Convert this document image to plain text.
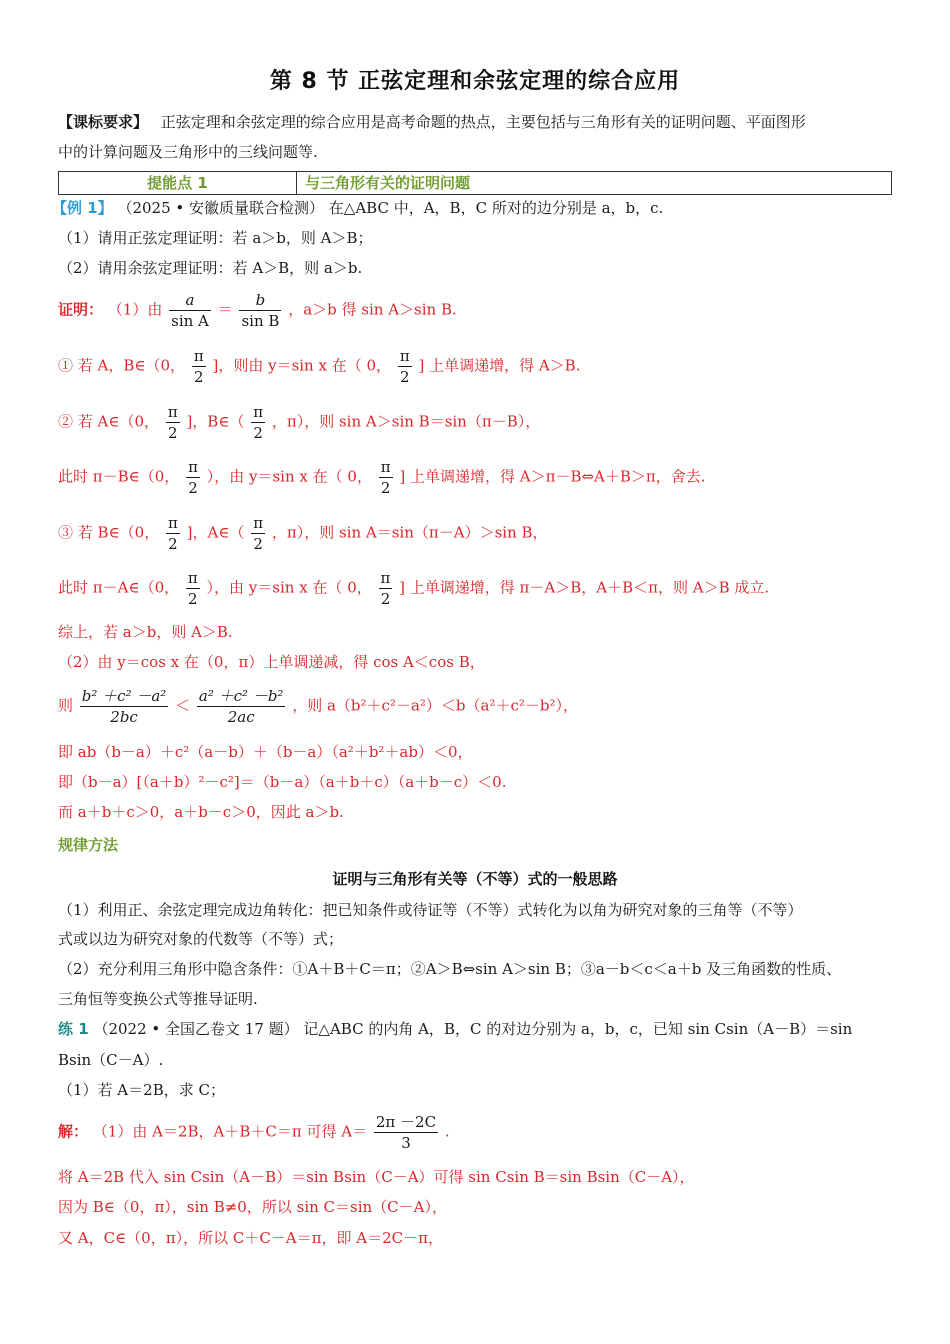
第 8 节 正弦定理和余弦定理的综合应用
【课标要求】 正弦定理和余弦定理的综合应用是高考命题的热点，主要包括与三角形有关的证明问题、平面图形
中的计算问题及三角形中的三线问题等.
提能点 1	与三角形有关的证明问题
【例 1】 （2025 • 安徽质量联合检测） 在△ABC 中，A，B，C 所对的边分别是 a，b，c.
（1）请用正弦定理证明：若 a＞b，则 A＞B；
（2）请用余弦定理证明：若 A＞B，则 a＞b.
证明： （1）由 $\frac{a}{\text{sin A}} = \frac{b}{\text{sin B}}$ ，a＞b 得 sin A＞sin B.
① 若 A，B∈（0， $\frac{\pi}{2}$ ]，则由 y＝sin x 在（ 0， $\frac{\pi}{2}$ ] 上单调递增，得 A＞B.
② 若 A∈（0， $\frac{\pi}{2}$ ]，B∈（ $\frac{\pi}{2}$ ，π），则 sin A＞sin B＝sin（π－B），
此时 π－B∈（0， $\frac{\pi}{2}$ ），由 y＝sin x 在（ 0， $\frac{\pi}{2}$ ] 上单调递增，得 A＞π－B⇔A＋B＞π，舍去.
③ 若 B∈（0， $\frac{\pi}{2}$ ]，A∈（ $\frac{\pi}{2}$ ，π），则 sin A＝sin（π－A）＞sin B，
此时 π－A∈（0， $\frac{\pi}{2}$ ），由 y＝sin x 在（ 0， $\frac{\pi}{2}$ ] 上单调递增，得 π－A＞B，A＋B＜π，则 A＞B 成立.
综上，若 a＞b，则 A＞B.
（2）由 y＝cos x 在（0，π）上单调递减，得 cos A＜cos B，
则 $\frac{\text{b² ＋c² －a²}}{2bc} < \frac{\text{a² ＋c² －b²}}{2ac}$ ，则 a（b²＋c²－a²）＜b（a²＋c²－b²），
即 ab（b－a）＋c²（a－b）＋（b－a）（a²＋b²＋ab）＜0，
即（b－a）[（a＋b）²－c²]＝（b－a）（a＋b＋c）（a＋b－c）＜0.
而 a＋b＋c＞0，a＋b－c＞0，因此 a＞b.
规律方法
证明与三角形有关等（不等）式的一般思路
（1）利用正、余弦定理完成边角转化：把已知条件或待证等（不等）式转化为以角为研究对象的三角等（不等）
式或以边为研究对象的代数等（不等）式；
（2）充分利用三角形中隐含条件：①A＋B＋C＝π；②A＞B⇔sin A＞sin B；③a－b＜c＜a＋b 及三角函数的性质、
三角恒等变换公式等推导证明.
练 1 （2022 • 全国乙卷文 17 题） 记△ABC 的内角 A，B，C 的对边分别为 a，b，c，已知 sin Csin（A－B）＝sin
Bsin（C－A）.
（1）若 A＝2B，求 C；
解： （1）由 A＝2B，A＋B＋C＝π 可得 $A= \frac{2\pi -2C}{3}$ .
将 A＝2B 代入 sin Csin（A－B）＝sin Bsin（C－A）可得 sin Csin B＝sin Bsin（C－A），
因为 B∈（0，π），sin B≠0，所以 sin C＝sin（C－A），
又 A，C∈（0，π），所以 C＋C－A＝π，即 A＝2C－π，
